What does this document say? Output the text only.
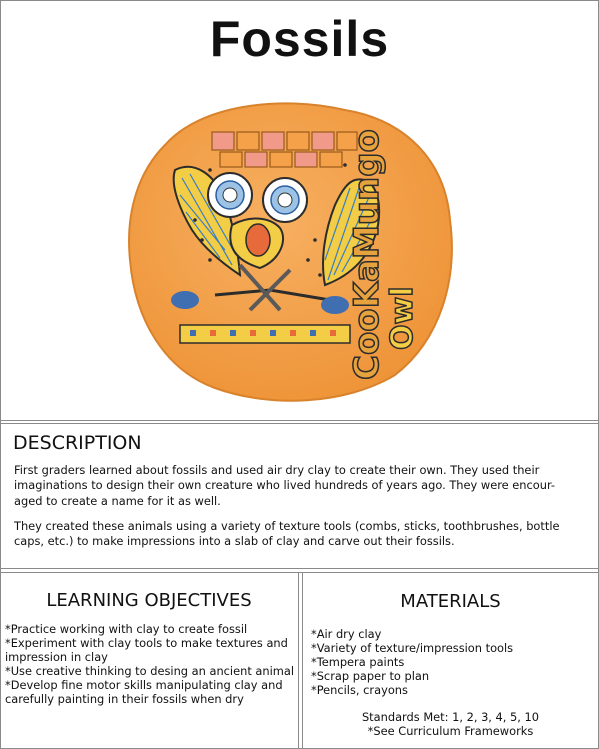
Fossils
CooKaMungo
Owl
DESCRIPTION

First graders learned about fossils and used air dry clay to create their own. They used their imaginations to design their own creature who lived hundreds of years ago. They were encour-aged to create a name for it as well.

They created these animals using a variety of texture tools (combs, sticks, toothbrushes, bottle caps, etc.) to make impressions into a slab of clay and carve out their fossils.

LEARNING OBJECTIVES
*Practice working with clay to create fossil
*Experiment with clay tools to make textures and impression in clay
*Use creative thinking to desing an ancient animal
*Develop fine motor skills manipulating clay and carefully painting in their fossils when dry
MATERIALS
*Air dry clay
*Variety of texture/impression tools
*Tempera paints
*Scrap paper to plan
*Pencils, crayons
Standards Met: 1, 2, 3, 4, 5, 10
*See Curriculum Frameworks
